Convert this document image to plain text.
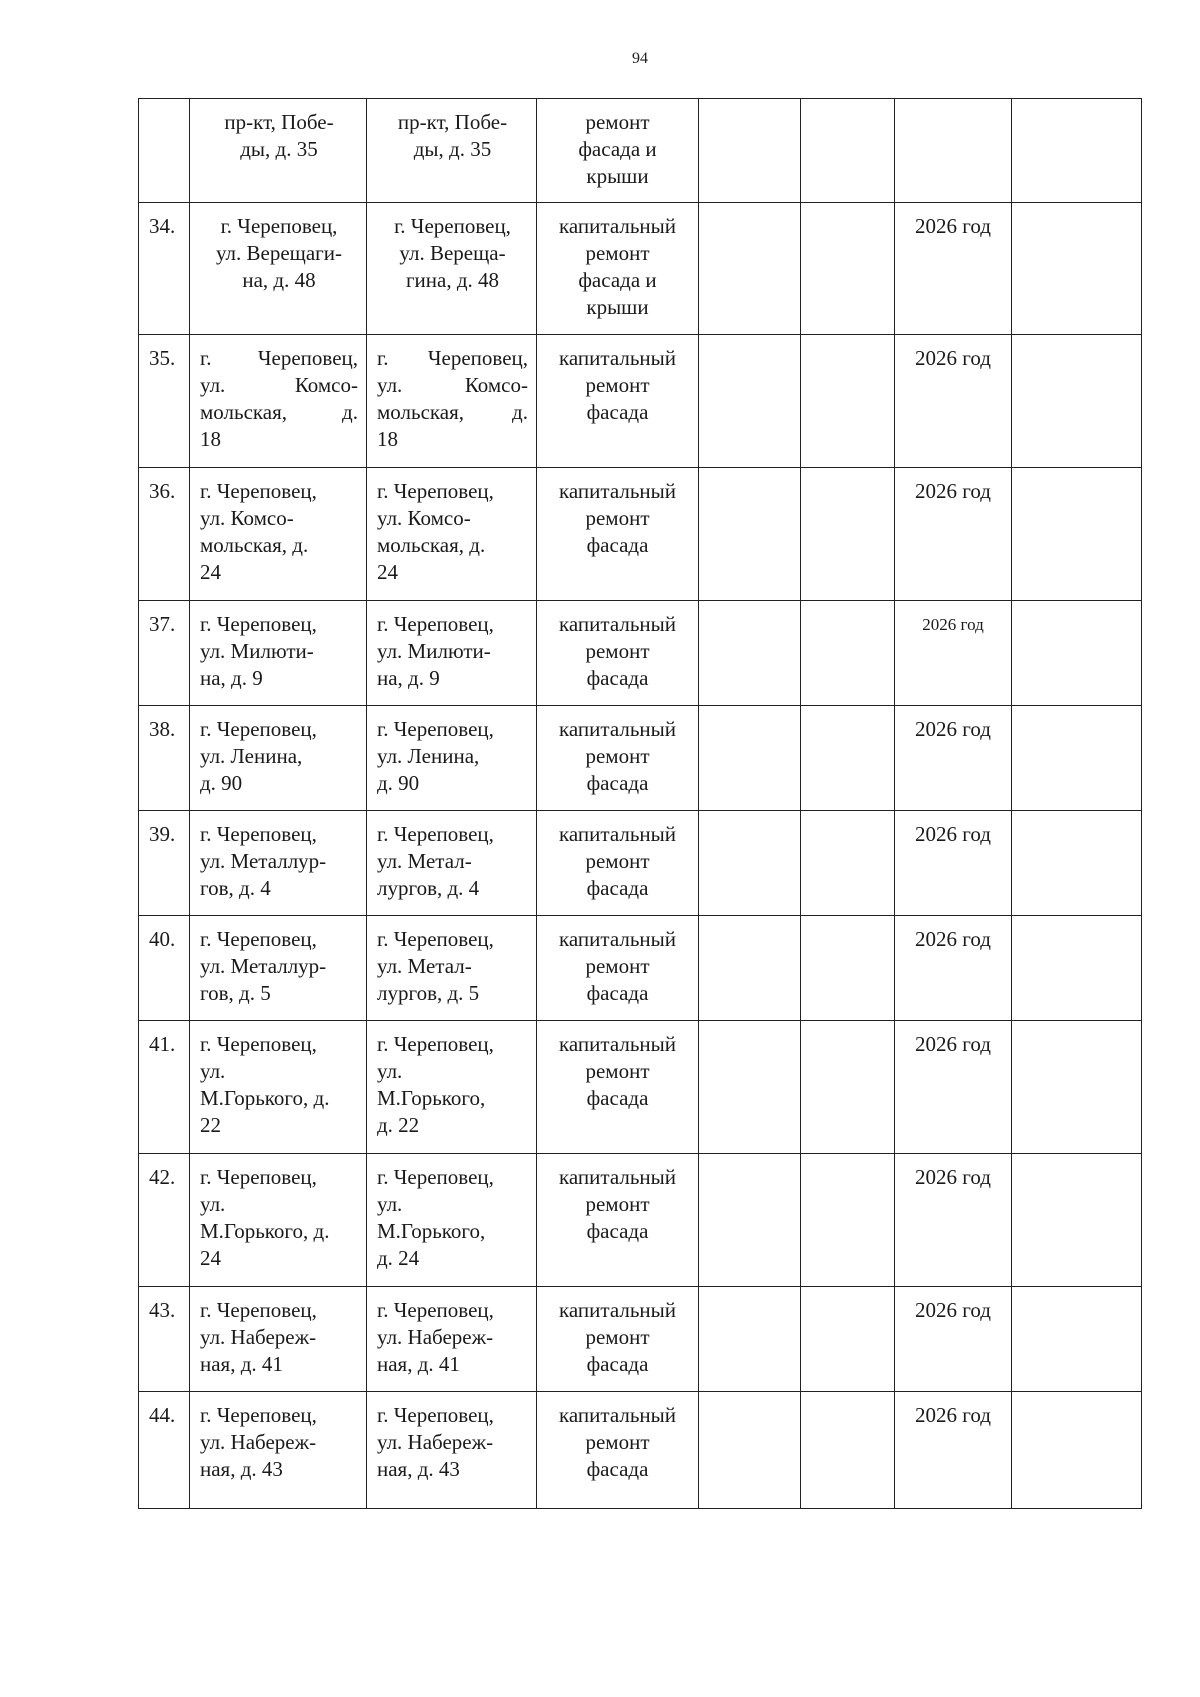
94

	пр-кт, Побе-
ды, д. 35	пр-кт, Побе-
ды, д. 35	ремонт
фасада и
крыши				

34.	г. Череповец,
ул. Верещаги-
на, д. 48	г. Череповец,
ул. Вереща-
гина, д. 48	капитальный
ремонт
фасада и
крыши			2026 год	
35.	г. Череповец,
ул. Комсо-
мольская, д.
18	г. Череповец,
ул. Комсо-
мольская, д.
18	капитальный
ремонт
фасада			2026 год	
36.	г. Череповец,
ул. Комсо-
мольская, д.
24	г. Череповец,
ул. Комсо-
мольская, д.
24	капитальный
ремонт
фасада			2026 год	
37.	г. Череповец,
ул. Милюти-
на, д. 9	г. Череповец,
ул. Милюти-
на, д. 9	капитальный
ремонт
фасада			2026 год	
38.	г. Череповец,
ул. Ленина,
д. 90	г. Череповец,
ул. Ленина,
д. 90	капитальный
ремонт
фасада			2026 год	
39.	г. Череповец,
ул. Металлур-
гов, д. 4	г. Череповец,
ул. Метал-
лургов, д. 4	капитальный
ремонт
фасада			2026 год	
40.	г. Череповец,
ул. Металлур-
гов, д. 5	г. Череповец,
ул. Метал-
лургов, д. 5	капитальный
ремонт
фасада			2026 год	
41.	г. Череповец,
ул.
М.Горького, д.
22	г. Череповец,
ул.
М.Горького,
д. 22	капитальный
ремонт
фасада			2026 год	
42.	г. Череповец,
ул.
М.Горького, д.
24	г. Череповец,
ул.
М.Горького,
д. 24	капитальный
ремонт
фасада			2026 год	
43.	г. Череповец,
ул. Набереж-
ная, д. 41	г. Череповец,
ул. Набереж-
ная, д. 41	капитальный
ремонт
фасада			2026 год	
44.	г. Череповец,
ул. Набереж-
ная, д. 43	г. Череповец,
ул. Набереж-
ная, д. 43	капитальный
ремонт
фасада			2026 год	
